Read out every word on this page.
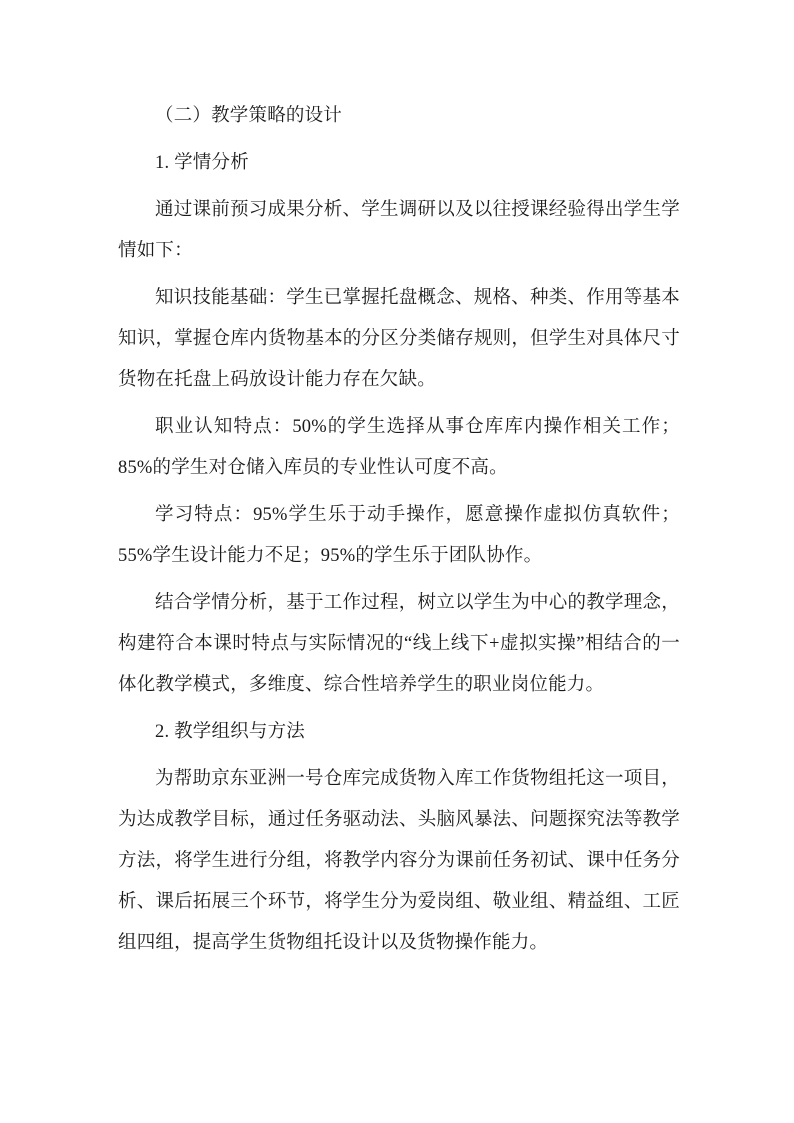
（二）教学策略的设计

1. 学情分析

通过课前预习成果分析、学生调研以及以往授课经验得出学生学情如下：

知识技能基础：学生已掌握托盘概念、规格、种类、作用等基本知识，掌握仓库内货物基本的分区分类储存规则，但学生对具体尺寸货物在托盘上码放设计能力存在欠缺。

职业认知特点：50%的学生选择从事仓库库内操作相关工作；85%的学生对仓储入库员的专业性认可度不高。

学习特点：95%学生乐于动手操作，愿意操作虚拟仿真软件；55%学生设计能力不足；95%的学生乐于团队协作。

结合学情分析，基于工作过程，树立以学生为中心的教学理念，构建符合本课时特点与实际情况的“线上线下+虚拟实操”相结合的一体化教学模式，多维度、综合性培养学生的职业岗位能力。

2. 教学组织与方法

为帮助京东亚洲一号仓库完成货物入库工作货物组托这一项目，为达成教学目标，通过任务驱动法、头脑风暴法、问题探究法等教学方法，将学生进行分组，将教学内容分为课前任务初试、课中任务分析、课后拓展三个环节，将学生分为爱岗组、敬业组、精益组、工匠组四组，提高学生货物组托设计以及货物操作能力。
